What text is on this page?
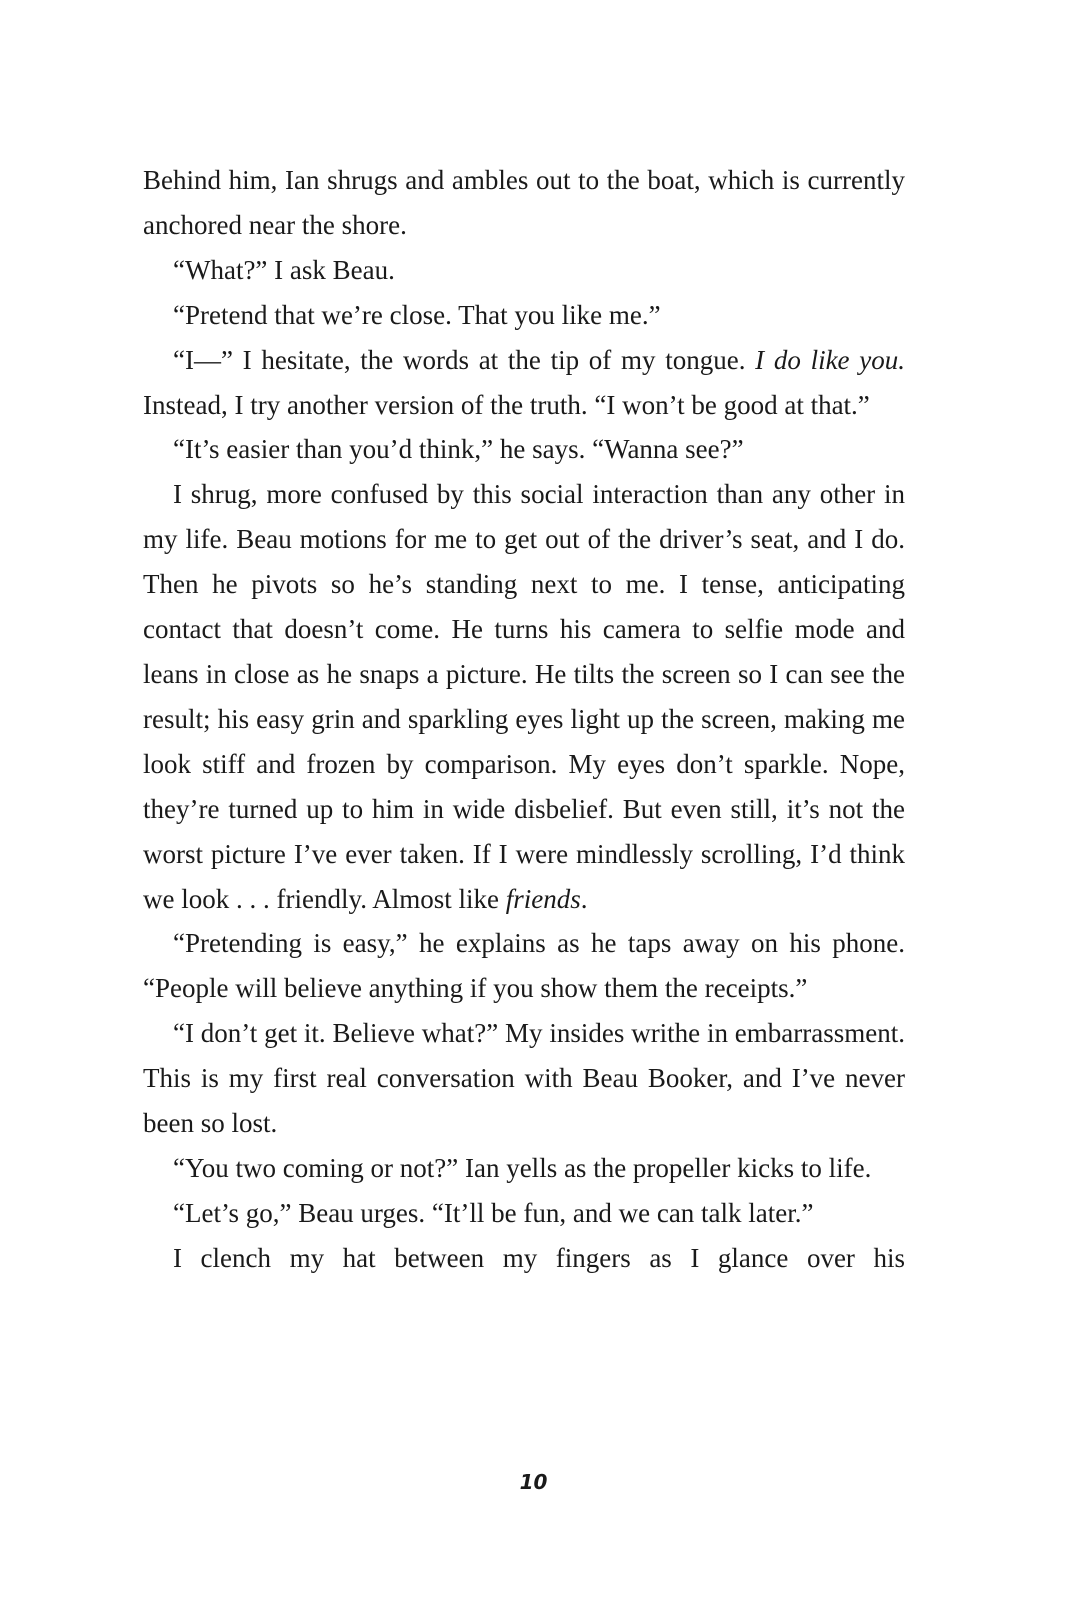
Behind him, Ian shrugs and ambles out to the boat, which is currently anchored near the shore.

“What?” I ask Beau.

“Pretend that we’re close. That you like me.”

“I—” I hesitate, the words at the tip of my tongue. I do like you. Instead, I try another version of the truth. “I won’t be good at that.”

“It’s easier than you’d think,” he says. “Wanna see?”

I shrug, more confused by this social interaction than any other in my life. Beau motions for me to get out of the driver’s seat, and I do. Then he pivots so he’s standing next to me. I tense, anticipating contact that doesn’t come. He turns his camera to selfie mode and leans in close as he snaps a picture. He tilts the screen so I can see the result; his easy grin and sparkling eyes light up the screen, making me look stiff and frozen by comparison. My eyes don’t sparkle. Nope, they’re turned up to him in wide disbelief. But even still, it’s not the worst picture I’ve ever taken. If I were mindlessly scrolling, I’d think we look . . . friendly. Almost like friends.

“Pretending is easy,” he explains as he taps away on his phone. “People will believe anything if you show them the receipts.”

“I don’t get it. Believe what?” My insides writhe in embarrassment. This is my first real conversation with Beau Booker, and I’ve never been so lost.

“You two coming or not?” Ian yells as the propeller kicks to life.

“Let’s go,” Beau urges. “It’ll be fun, and we can talk later.”

I clench my hat between my fingers as I glance over his

10
